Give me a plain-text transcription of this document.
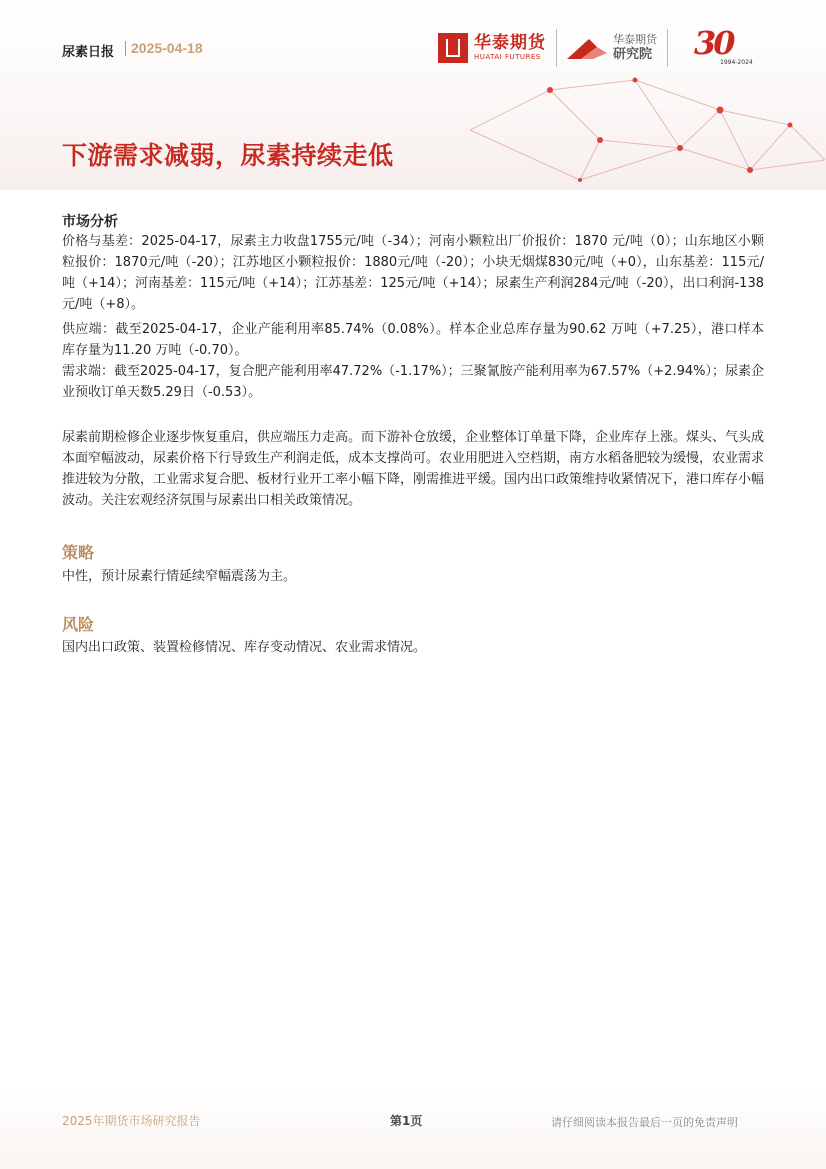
尿素日报 2025-04-18	华泰期货
HUATAI FUTURES
华泰期货
研究院 30
1994-2024
下游需求减弱，尿素持续走低
市场分析

价格与基差：2025-04-17，尿素主力收盘1755元/吨（-34）；河南小颗粒出厂价报价：1870 元/吨（0）；山东地区小颗粒报价：1870元/吨（-20）；江苏地区小颗粒报价：1880元/吨（-20）；小块无烟煤830元/吨（+0），山东基差：115元/吨（+14）；河南基差：115元/吨（+14）；江苏基差：125元/吨（+14）；尿素生产利润284元/吨（-20），出口利润-138元/吨（+8）。

供应端：截至2025-04-17，企业产能利用率85.74%（0.08%）。样本企业总库存量为90.62 万吨（+7.25），港口样本库存量为11.20 万吨（-0.70）。

需求端：截至2025-04-17，复合肥产能利用率47.72%（-1.17%）；三聚氰胺产能利用率为67.57%（+2.94%）；尿素企业预收订单天数5.29日（-0.53）。

尿素前期检修企业逐步恢复重启，供应端压力走高。而下游补仓放缓，企业整体订单量下降，企业库存上涨。煤头、气头成本面窄幅波动，尿素价格下行导致生产利润走低，成本支撑尚可。农业用肥进入空档期，南方水稻备肥较为缓慢，农业需求推进较为分散，工业需求复合肥、板材行业开工率小幅下降，刚需推进平缓。国内出口政策维持收紧情况下，港口库存小幅波动。关注宏观经济氛围与尿素出口相关政策情况。

策略

中性，预计尿素行情延续窄幅震荡为主。

风险

国内出口政策、装置检修情况、库存变动情况、农业需求情况。

2025年期货市场研究报告	第1页	请仔细阅读本报告最后一页的免责声明
